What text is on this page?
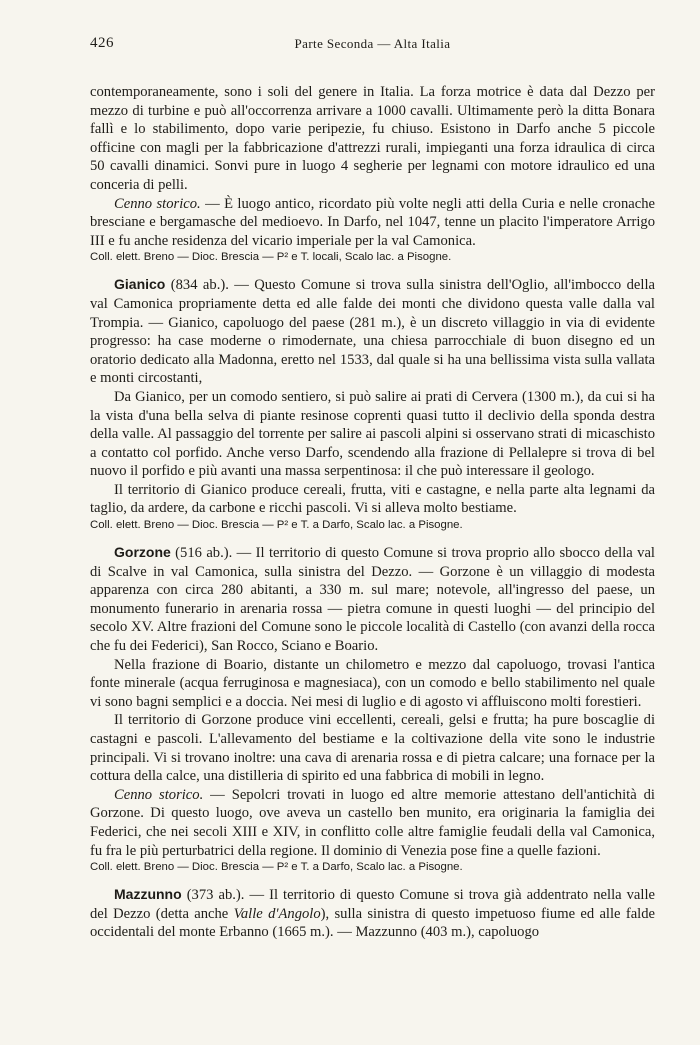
426	Parte Seconda — Alta Italia

contemporaneamente, sono i soli del genere in Italia. La forza motrice è data dal Dezzo per mezzo di turbine e può all'occorrenza arrivare a 1000 cavalli. Ultimamente però la ditta Bonara fallì e lo stabilimento, dopo varie peripezie, fu chiuso. Esistono in Darfo anche 5 piccole officine con magli per la fabbricazione d'attrezzi rurali, impieganti una forza idraulica di circa 50 cavalli dinamici. Sonvi pure in luogo 4 segherie per legnami con motore idraulico ed una conceria di pelli.

Cenno storico. — È luogo antico, ricordato più volte negli atti della Curia e nelle cronache bresciane e bergamasche del medioevo. In Darfo, nel 1047, tenne un placito l'imperatore Arrigo III e fu anche residenza del vicario imperiale per la val Camonica.

Coll. elett. Breno — Dioc. Brescia — P² e T. locali, Scalo lac. a Pisogne.

Gianico (834 ab.). — Questo Comune si trova sulla sinistra dell'Oglio, all'imbocco della val Camonica propriamente detta ed alle falde dei monti che dividono questa valle dalla val Trompia. — Gianico, capoluogo del paese (281 m.), è un discreto villaggio in via di evidente progresso: ha case moderne o rimodernate, una chiesa parrocchiale di buon disegno ed un oratorio dedicato alla Madonna, eretto nel 1533, dal quale si ha una bellissima vista sulla vallata e monti circostanti,

Da Gianico, per un comodo sentiero, si può salire ai prati di Cervera (1300 m.), da cui si ha la vista d'una bella selva di piante resinose coprenti quasi tutto il declivio della sponda destra della valle. Al passaggio del torrente per salire ai pascoli alpini si osservano strati di micaschisto a contatto col porfido. Anche verso Darfo, scendendo alla frazione di Pellalepre si trova di bel nuovo il porfido e più avanti una massa serpentinosa: il che può interessare il geologo.

Il territorio di Gianico produce cereali, frutta, viti e castagne, e nella parte alta legnami da taglio, da ardere, da carbone e ricchi pascoli. Vi si alleva molto bestiame.

Coll. elett. Breno — Dioc. Brescia — P² e T. a Darfo, Scalo lac. a Pisogne.

Gorzone (516 ab.). — Il territorio di questo Comune si trova proprio allo sbocco della val di Scalve in val Camonica, sulla sinistra del Dezzo. — Gorzone è un villaggio di modesta apparenza con circa 280 abitanti, a 330 m. sul mare; notevole, all'ingresso del paese, un monumento funerario in arenaria rossa — pietra comune in questi luoghi — del principio del secolo XV. Altre frazioni del Comune sono le piccole località di Castello (con avanzi della rocca che fu dei Federici), San Rocco, Sciano e Boario.

Nella frazione di Boario, distante un chilometro e mezzo dal capoluogo, trovasi l'antica fonte minerale (acqua ferruginosa e magnesiaca), con un comodo e bello stabilimento nel quale vi sono bagni semplici e a doccia. Nei mesi di luglio e di agosto vi affluiscono molti forestieri.

Il territorio di Gorzone produce vini eccellenti, cereali, gelsi e frutta; ha pure boscaglie di castagni e pascoli. L'allevamento del bestiame e la coltivazione della vite sono le industrie principali. Vi si trovano inoltre: una cava di arenaria rossa e di pietra calcare; una fornace per la cottura della calce, una distilleria di spirito ed una fabbrica di mobili in legno.

Cenno storico. — Sepolcri trovati in luogo ed altre memorie attestano dell'antichità di Gorzone. Di questo luogo, ove aveva un castello ben munito, era originaria la famiglia dei Federici, che nei secoli XIII e XIV, in conflitto colle altre famiglie feudali della val Camonica, fu fra le più perturbatrici della regione. Il dominio di Venezia pose fine a quelle fazioni.

Coll. elett. Breno — Dioc. Brescia — P² e T. a Darfo, Scalo lac. a Pisogne.

Mazzunno (373 ab.). — Il territorio di questo Comune si trova già addentrato nella valle del Dezzo (detta anche Valle d'Angolo), sulla sinistra di questo impetuoso fiume ed alle falde occidentali del monte Erbanno (1665 m.). — Mazzunno (403 m.), capoluogo
